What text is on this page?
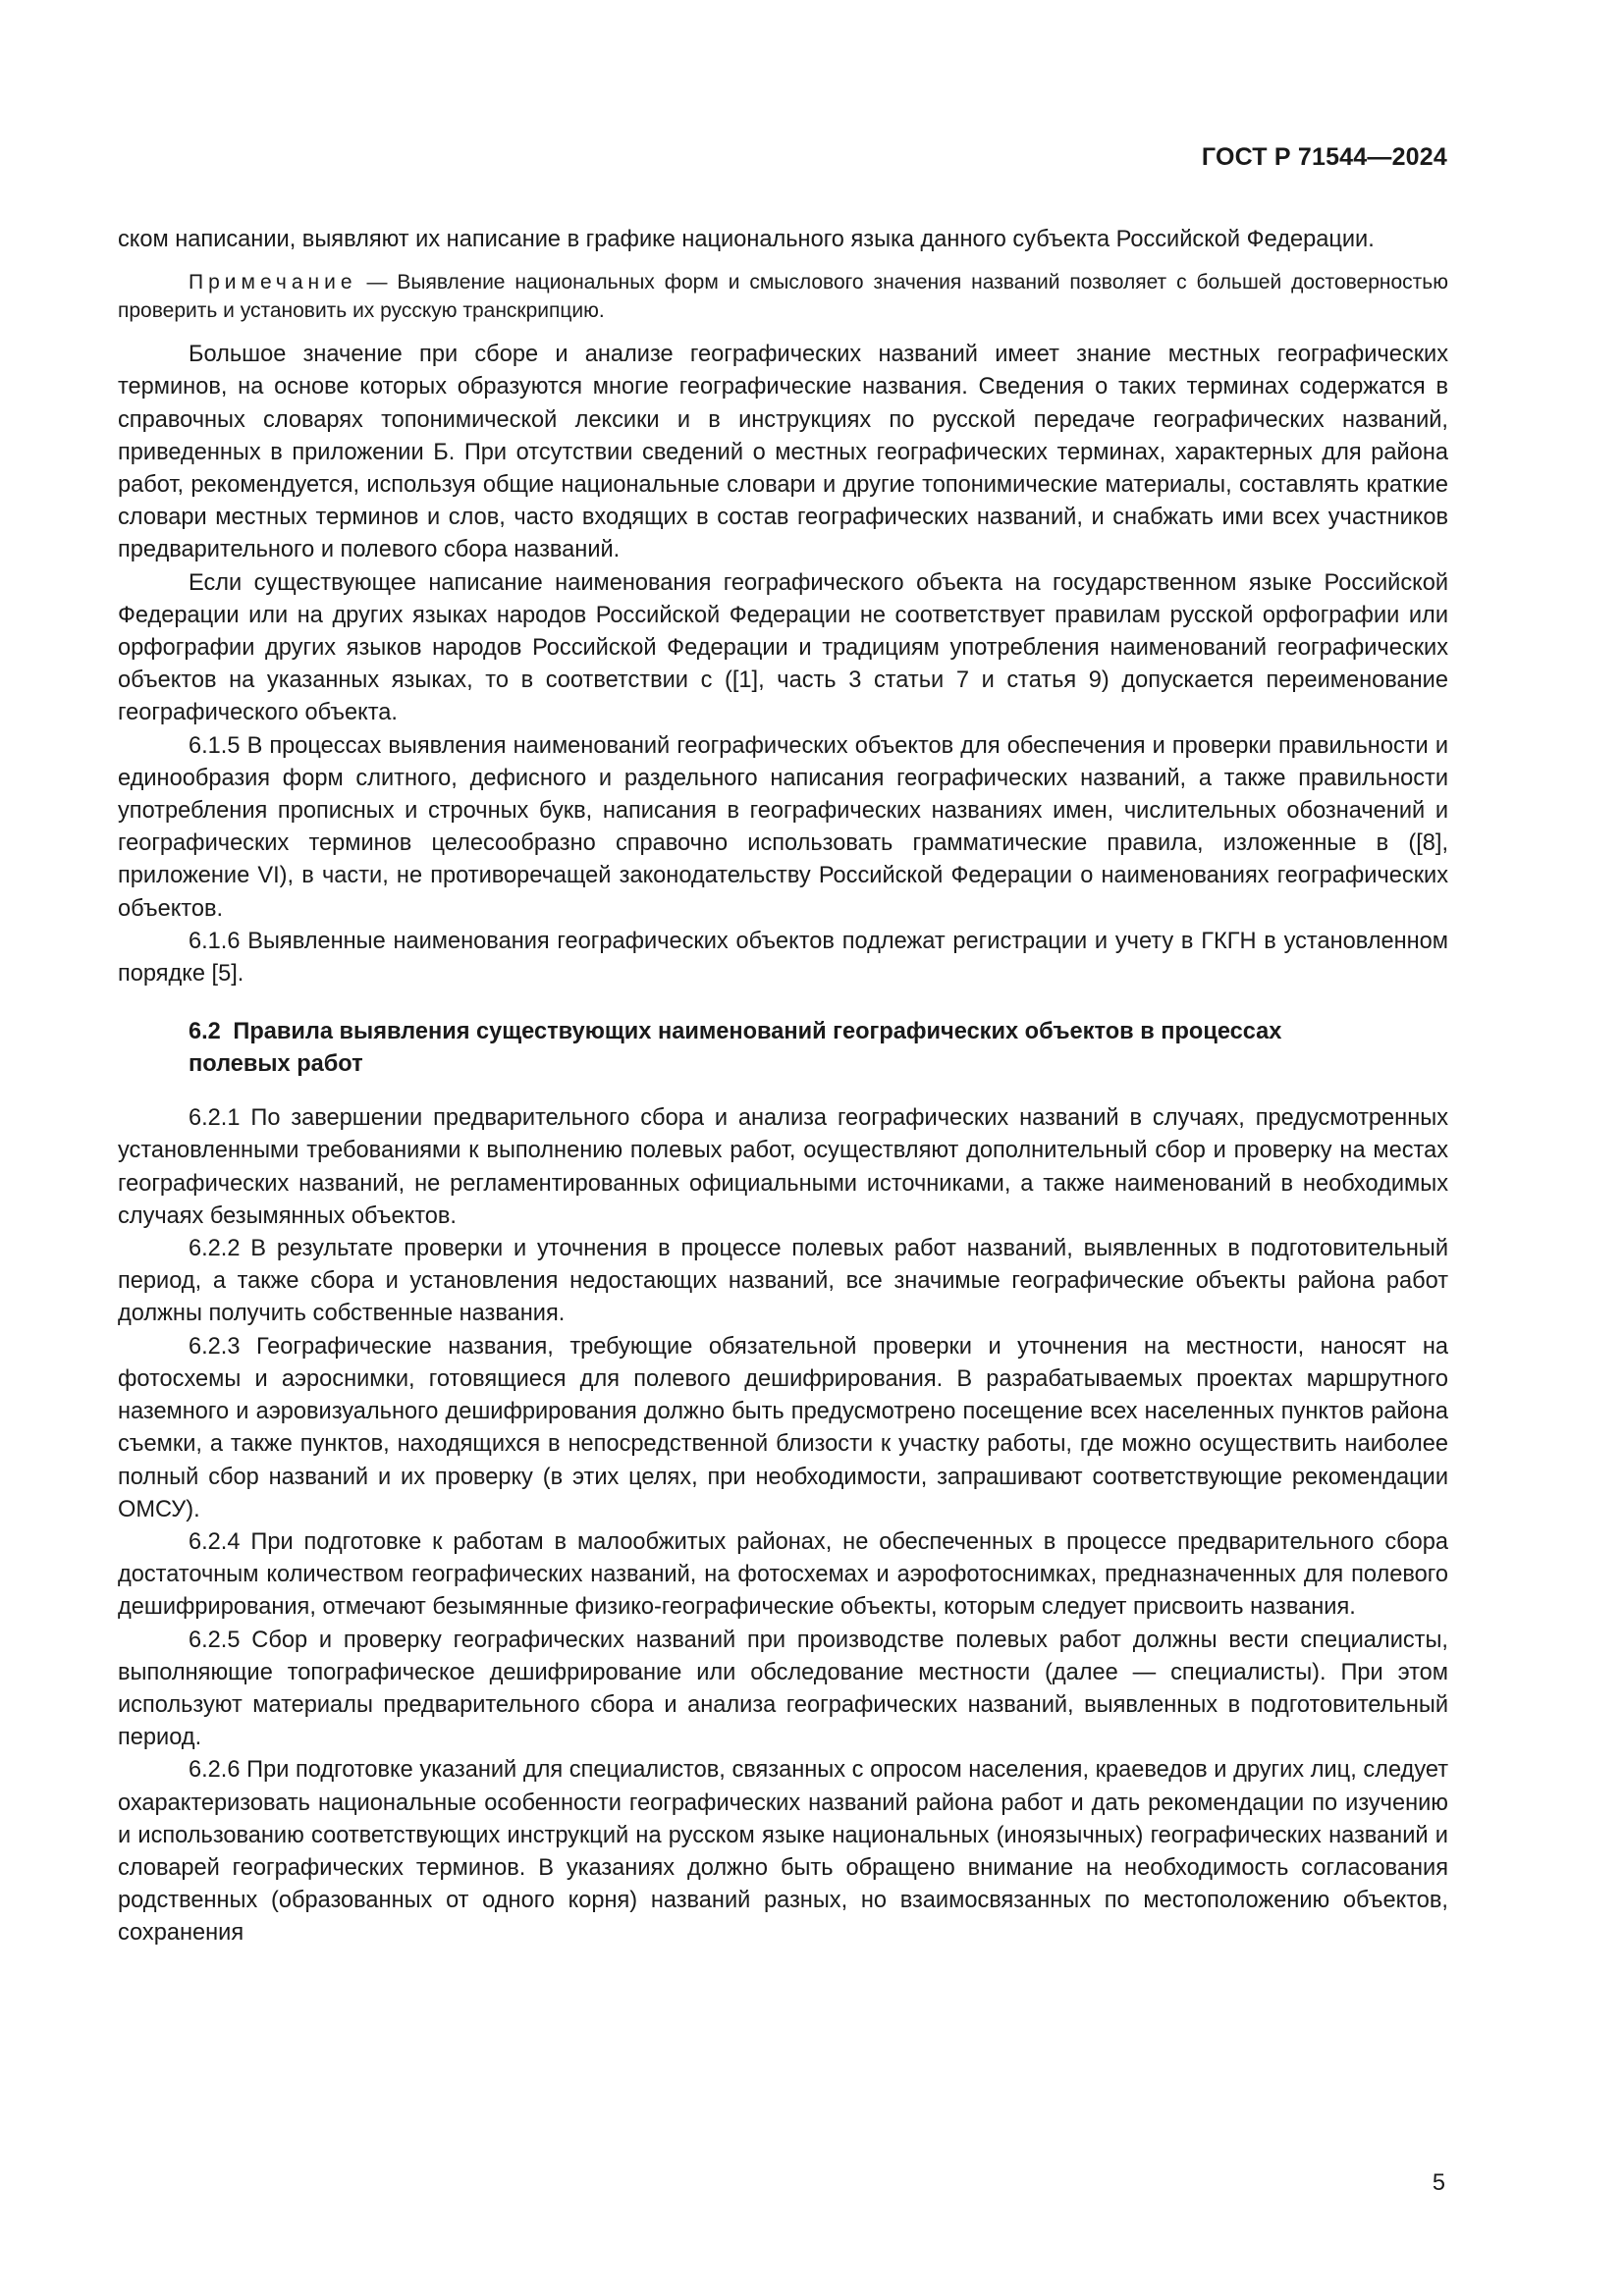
ГОСТ Р 71544—2024

ском написании, выявляют их написание в графике национального языка данного субъекта Российской Федерации.

Примечание — Выявление национальных форм и смыслового значения названий позволяет с большей достоверностью проверить и установить их русскую транскрипцию.

Большое значение при сборе и анализе географических названий имеет знание местных географических терминов, на основе которых образуются многие географические названия. Сведения о таких терминах содержатся в справочных словарях топонимической лексики и в инструкциях по русской передаче географических названий, приведенных в приложении Б. При отсутствии сведений о местных географических терминах, характерных для района работ, рекомендуется, используя общие национальные словари и другие топонимические материалы, составлять краткие словари местных терминов и слов, часто входящих в состав географических названий, и снабжать ими всех участников предварительного и полевого сбора названий.

Если существующее написание наименования географического объекта на государственном языке Российской Федерации или на других языках народов Российской Федерации не соответствует правилам русской орфографии или орфографии других языков народов Российской Федерации и традициям употребления наименований географических объектов на указанных языках, то в соответствии с ([1], часть 3 статьи 7 и статья 9) допускается переименование географического объекта.

6.1.5 В процессах выявления наименований географических объектов для обеспечения и проверки правильности и единообразия форм слитного, дефисного и раздельного написания географических названий, а также правильности употребления прописных и строчных букв, написания в географических названиях имен, числительных обозначений и географических терминов целесообразно справочно использовать грамматические правила, изложенные в ([8], приложение VI), в части, не противоречащей законодательству Российской Федерации о наименованиях географических объектов.

6.1.6 Выявленные наименования географических объектов подлежат регистрации и учету в ГКГН в установленном порядке [5].

6.2 Правила выявления существующих наименований географических объектов в процессах полевых работ

6.2.1 По завершении предварительного сбора и анализа географических названий в случаях, предусмотренных установленными требованиями к выполнению полевых работ, осуществляют дополнительный сбор и проверку на местах географических названий, не регламентированных официальными источниками, а также наименований в необходимых случаях безымянных объектов.

6.2.2 В результате проверки и уточнения в процессе полевых работ названий, выявленных в подготовительный период, а также сбора и установления недостающих названий, все значимые географические объекты района работ должны получить собственные названия.

6.2.3 Географические названия, требующие обязательной проверки и уточнения на местности, наносят на фотосхемы и аэроснимки, готовящиеся для полевого дешифрирования. В разрабатываемых проектах маршрутного наземного и аэровизуального дешифрирования должно быть предусмотрено посещение всех населенных пунктов района съемки, а также пунктов, находящихся в непосредственной близости к участку работы, где можно осуществить наиболее полный сбор названий и их проверку (в этих целях, при необходимости, запрашивают соответствующие рекомендации ОМСУ).

6.2.4 При подготовке к работам в малообжитых районах, не обеспеченных в процессе предварительного сбора достаточным количеством географических названий, на фотосхемах и аэрофотоснимках, предназначенных для полевого дешифрирования, отмечают безымянные физико-географические объекты, которым следует присвоить названия.

6.2.5 Сбор и проверку географических названий при производстве полевых работ должны вести специалисты, выполняющие топографическое дешифрирование или обследование местности (далее — специалисты). При этом используют материалы предварительного сбора и анализа географических названий, выявленных в подготовительный период.

6.2.6 При подготовке указаний для специалистов, связанных с опросом населения, краеведов и других лиц, следует охарактеризовать национальные особенности географических названий района работ и дать рекомендации по изучению и использованию соответствующих инструкций на русском языке национальных (иноязычных) географических названий и словарей географических терминов. В указаниях должно быть обращено внимание на необходимость согласования родственных (образованных от одного корня) названий разных, но взаимосвязанных по местоположению объектов, сохранения

5
